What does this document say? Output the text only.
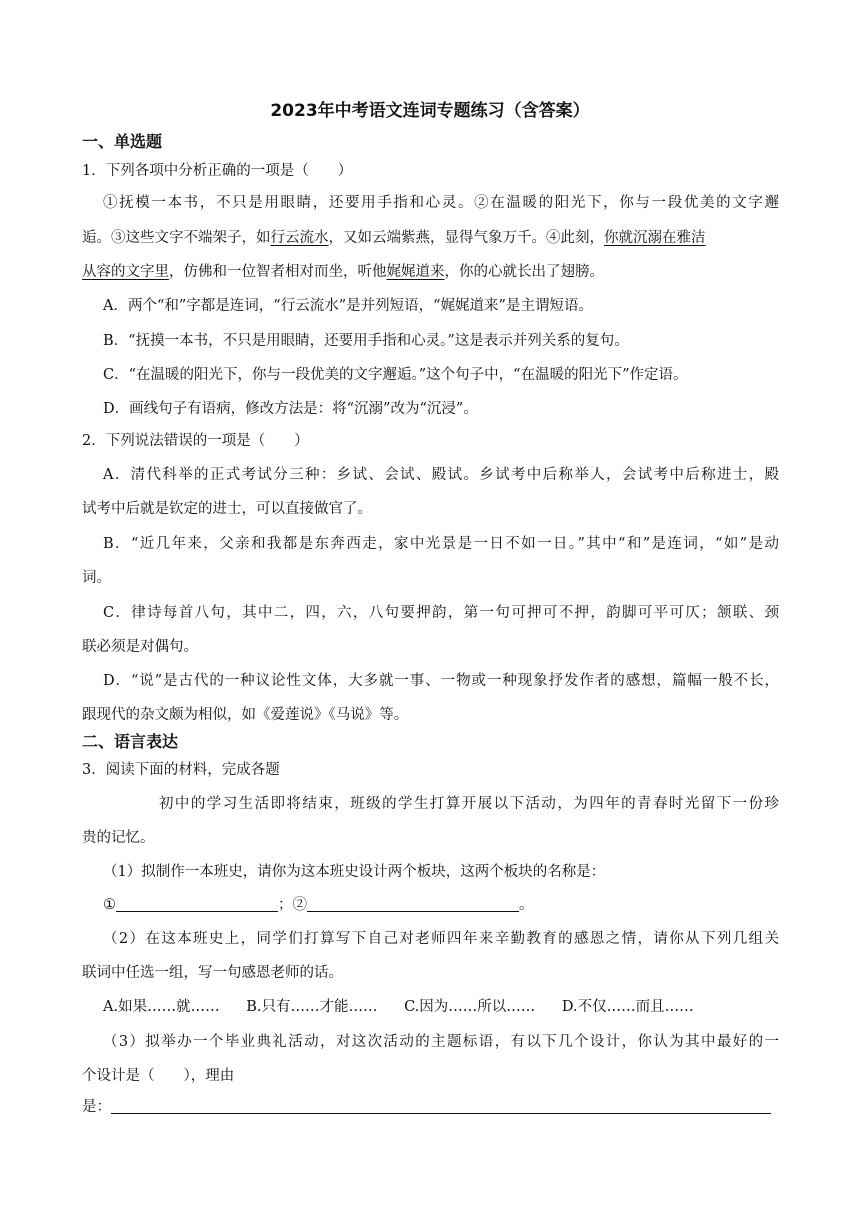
2023年中考语文连词专题练习（含答案）
一、单选题
1．下列各项中分析正确的一项是（　　）
①抚模一本书，不只是用眼睛，还要用手指和心灵。②在温暖的阳光下，你与一段优美的文字邂
逅。③这些文字不端架子，如行云流水，又如云端紫燕，显得气象万千。④此刻，你就沉溺在雅洁
从容的文字里，仿佛和一位智者相对而坐，听他娓娓道来，你的心就长出了翅膀。
A．两个“和”字都是连词，“行云流水”是并列短语，“娓娓道来”是主谓短语。
B．“抚摸一本书，不只是用眼睛，还要用手指和心灵。”这是表示并列关系的复句。
C．“在温暖的阳光下，你与一段优美的文字邂逅。”这个句子中，“在温暖的阳光下”作定语。
D．画线句子有语病，修改方法是：将“沉溺”改为“沉浸”。
2．下列说法错误的一项是（　　）
A．清代科举的正式考试分三种：乡试、会试、殿试。乡试考中后称举人，会试考中后称进士，殿
试考中后就是钦定的进士，可以直接做官了。
B．“近几年来，父亲和我都是东奔西走，家中光景是一日不如一日。”其中“和”是连词，“如”是动
词。
C．律诗每首八句，其中二，四，六，八句要押韵，第一句可押可不押，韵脚可平可仄；颔联、颈
联必须是对偶句。
D．“说”是古代的一种议论性文体，大多就一事、一物或一种现象抒发作者的感想，篇幅一般不长，
跟现代的杂文颇为相似，如《爱莲说》《马说》等。
二、语言表达
3．阅读下面的材料，完成各题
初中的学习生活即将结束，班级的学生打算开展以下活动，为四年的青春时光留下一份珍
贵的记忆。
（1）拟制作一本班史，请你为这本班史设计两个板块，这两个板块的名称是：
①	；②	。
（2）在这本班史上，同学们打算写下自己对老师四年来辛勤教育的感恩之情，请你从下列几组关
联词中任选一组，写一句感恩老师的话。
A.如果……就…… B.只有……才能…… C.因为……所以…… D.不仅……而且……
（3）拟举办一个毕业典礼活动，对这次活动的主题标语，有以下几个设计，你认为其中最好的一
个设计是（　　），理由
是：
